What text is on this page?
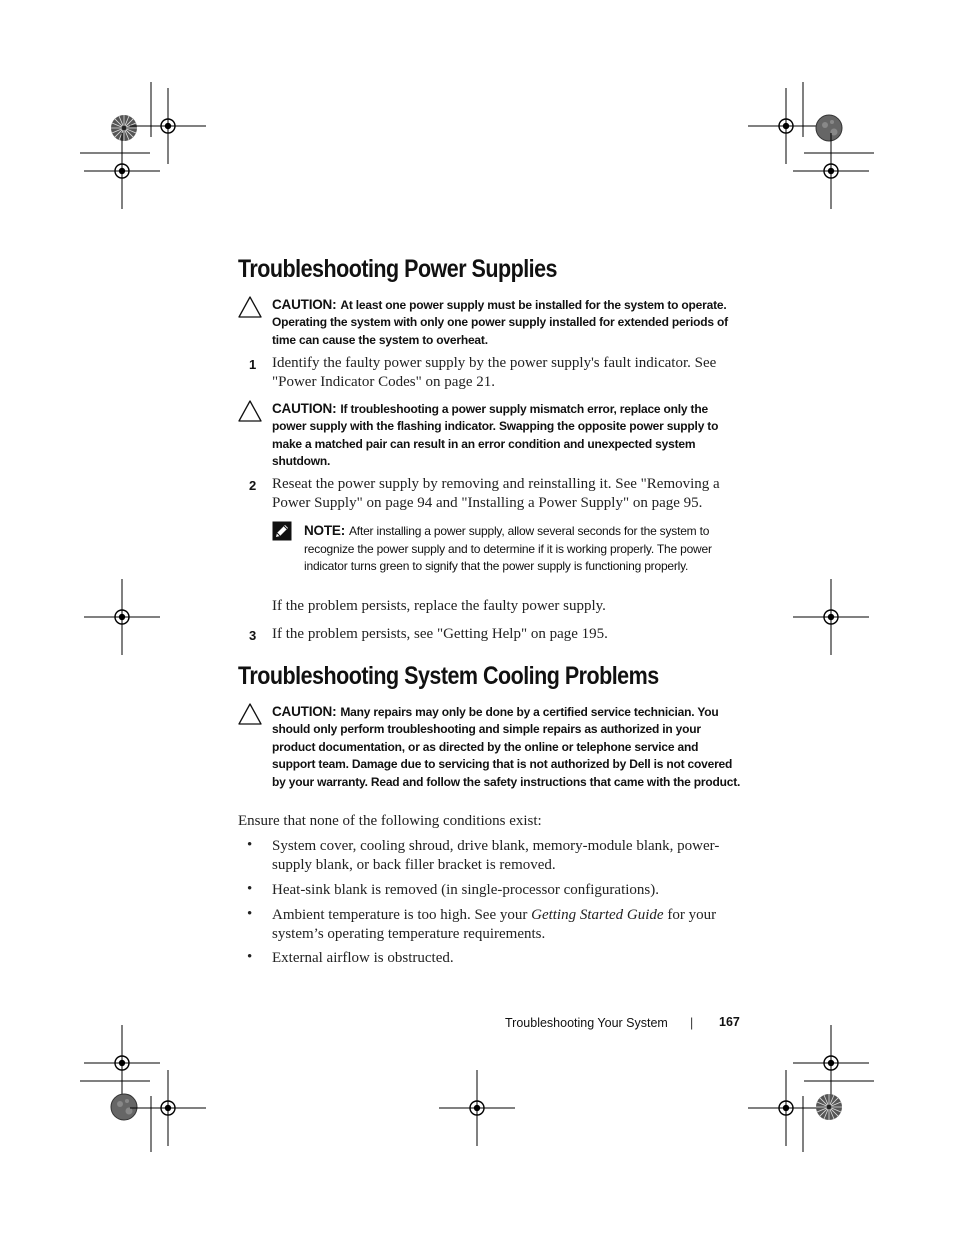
Troubleshooting Power Supplies
CAUTION: At least one power supply must be installed for the system to operate. Operating the system with only one power supply installed for extended periods of time can cause the system to overheat.
1 Identify the faulty power supply by the power supply's fault indicator. See "Power Indicator Codes" on page 21.
CAUTION: If troubleshooting a power supply mismatch error, replace only the power supply with the flashing indicator. Swapping the opposite power supply to make a matched pair can result in an error condition and unexpected system shutdown.
2 Reseat the power supply by removing and reinstalling it. See "Removing a Power Supply" on page 94 and "Installing a Power Supply" on page 95.
NOTE: After installing a power supply, allow several seconds for the system to recognize the power supply and to determine if it is working properly. The power indicator turns green to signify that the power supply is functioning properly.
If the problem persists, replace the faulty power supply.
3 If the problem persists, see "Getting Help" on page 195.
Troubleshooting System Cooling Problems
CAUTION: Many repairs may only be done by a certified service technician. You should only perform troubleshooting and simple repairs as authorized in your product documentation, or as directed by the online or telephone service and support team. Damage due to servicing that is not authorized by Dell is not covered by your warranty. Read and follow the safety instructions that came with the product.
Ensure that none of the following conditions exist:
• System cover, cooling shroud, drive blank, memory-module blank, power-supply blank, or back filler bracket is removed.
• Heat-sink blank is removed (in single-processor configurations).
• Ambient temperature is too high. See your Getting Started Guide for your system’s operating temperature requirements.
• External airflow is obstructed.
Troubleshooting Your System | 167
